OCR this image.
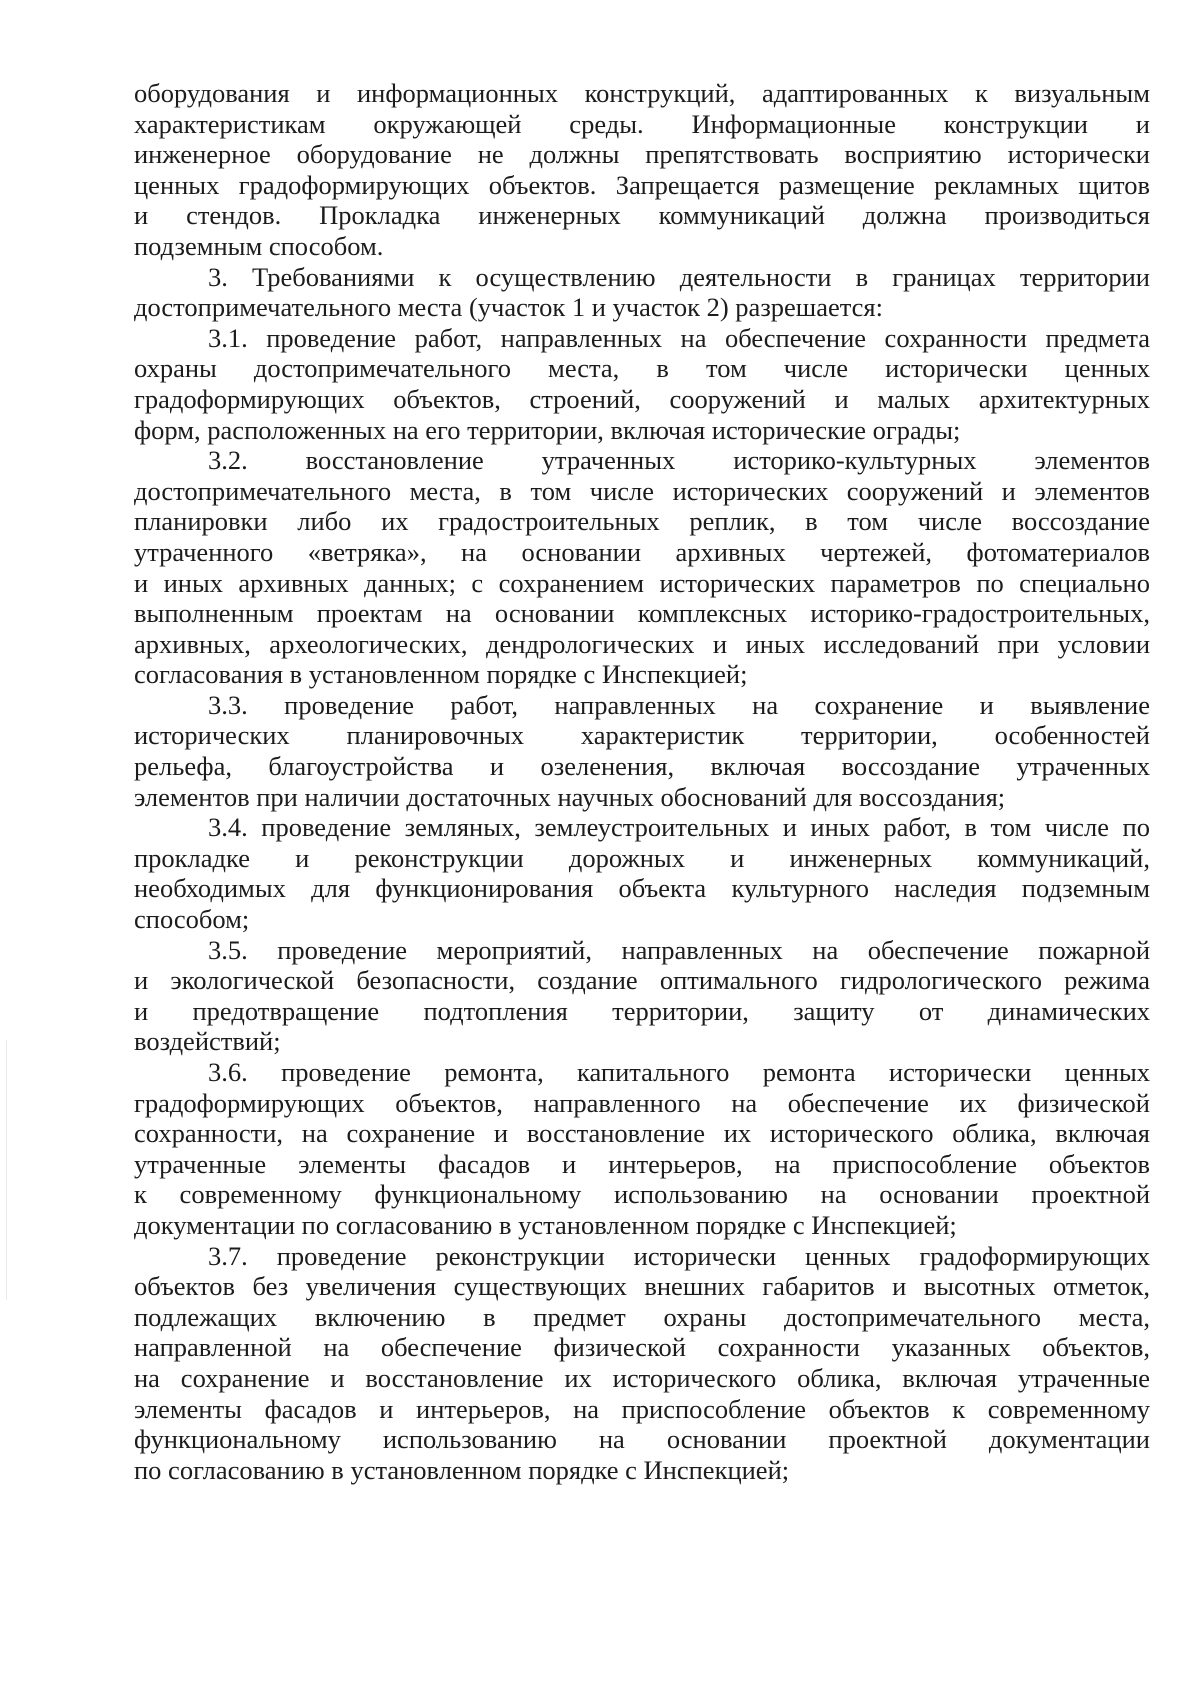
оборудования и информационных конструкций, адаптированных к визуальным
характеристикам окружающей среды. Информационные конструкции и
инженерное оборудование не должны препятствовать восприятию исторически
ценных градоформирующих объектов. Запрещается размещение рекламных щитов
и стендов. Прокладка инженерных коммуникаций должна производиться
подземным способом.
3. Требованиями к осуществлению деятельности в границах территории
достопримечательного места (участок 1 и участок 2) разрешается:
3.1. проведение работ, направленных на обеспечение сохранности предмета
охраны достопримечательного места, в том числе исторически ценных
градоформирующих объектов, строений, сооружений и малых архитектурных
форм, расположенных на его территории, включая исторические ограды;
3.2. восстановление утраченных историко-культурных элементов
достопримечательного места, в том числе исторических сооружений и элементов
планировки либо их градостроительных реплик, в том числе воссоздание
утраченного «ветряка», на основании архивных чертежей, фотоматериалов
и иных архивных данных; с сохранением исторических параметров по специально
выполненным проектам на основании комплексных историко-градостроительных,
архивных, археологических, дендрологических и иных исследований при условии
согласования в установленном порядке с Инспекцией;
3.3. проведение работ, направленных на сохранение и выявление
исторических планировочных характеристик территории, особенностей
рельефа, благоустройства и озеленения, включая воссоздание утраченных
элементов при наличии достаточных научных обоснований для воссоздания;
3.4. проведение земляных, землеустроительных и иных работ, в том числе по
прокладке и реконструкции дорожных и инженерных коммуникаций,
необходимых для функционирования объекта культурного наследия подземным
способом;
3.5. проведение мероприятий, направленных на обеспечение пожарной
и экологической безопасности, создание оптимального гидрологического режима
и предотвращение подтопления территории, защиту от динамических
воздействий;
3.6. проведение ремонта, капитального ремонта исторически ценных
градоформирующих объектов, направленного на обеспечение их физической
сохранности, на сохранение и восстановление их исторического облика, включая
утраченные элементы фасадов и интерьеров, на приспособление объектов
к современному функциональному использованию на основании проектной
документации по согласованию в установленном порядке с Инспекцией;
3.7. проведение реконструкции исторически ценных градоформирующих
объектов без увеличения существующих внешних габаритов и высотных отметок,
подлежащих включению в предмет охраны достопримечательного места,
направленной на обеспечение физической сохранности указанных объектов,
на сохранение и восстановление их исторического облика, включая утраченные
элементы фасадов и интерьеров, на приспособление объектов к современному
функциональному использованию на основании проектной документации
по согласованию в установленном порядке с Инспекцией;
